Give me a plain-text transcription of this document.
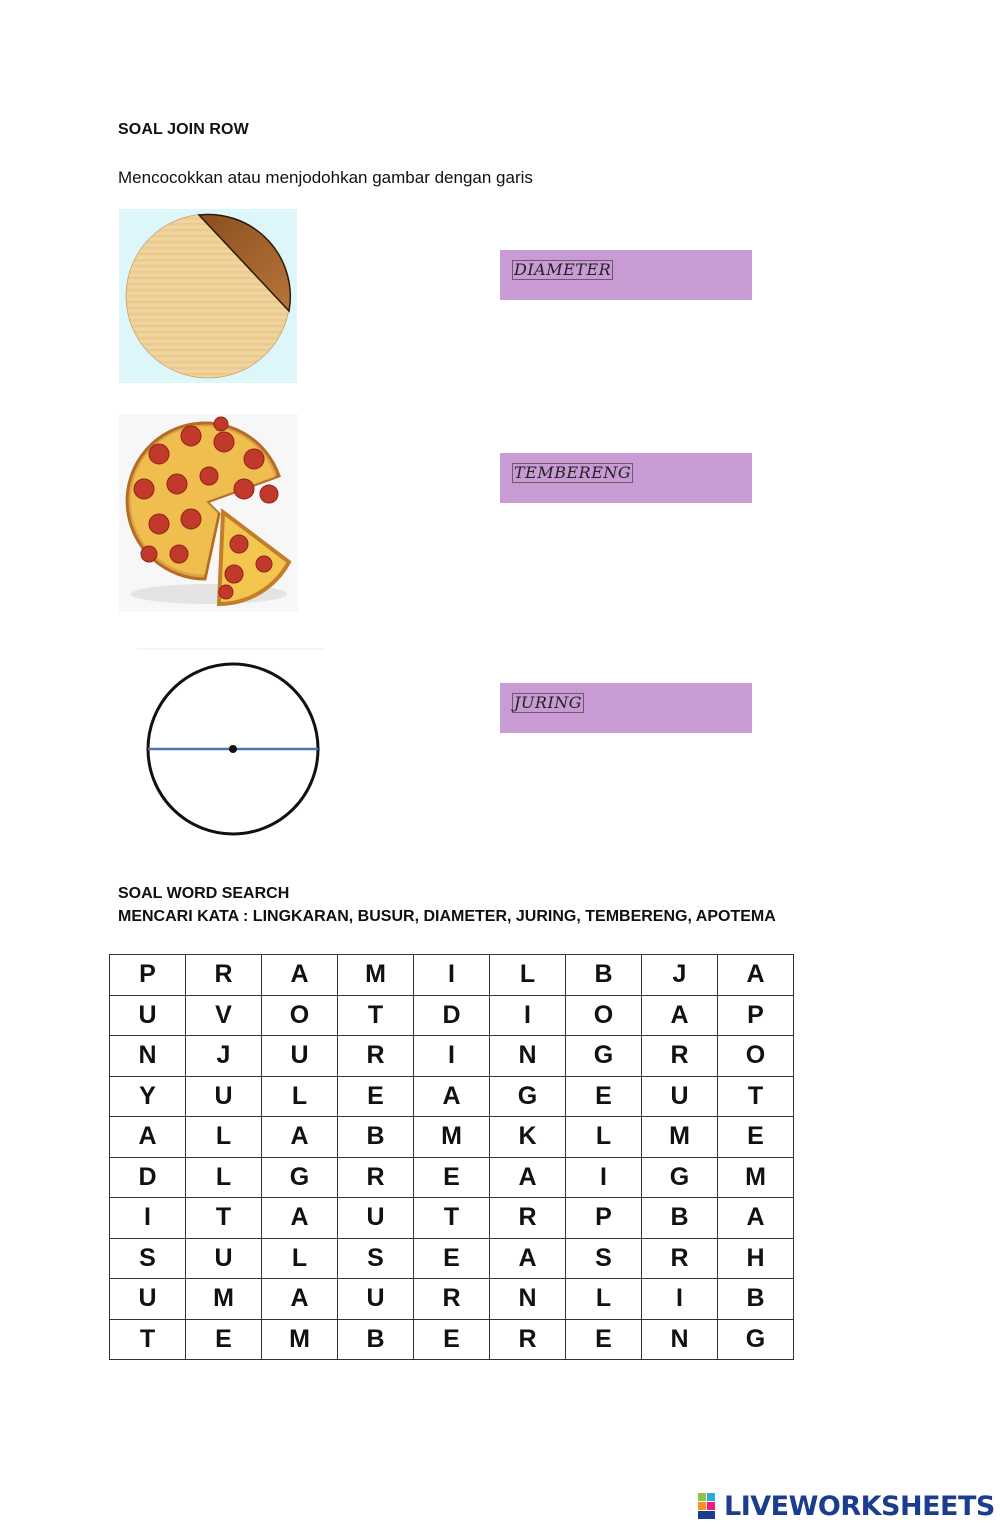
SOAL JOIN ROW
Mencocokkan atau menjodohkan gambar dengan garis
DIAMETER
TEMBERENG
JURING
SOAL WORD SEARCH
MENCARI KATA : LINGKARAN, BUSUR, DIAMETER, JURING, TEMBERENG, APOTEMA
P	R	A	M	I	L	B	J	A
U	V	O	T	D	I	O	A	P
N	J	U	R	I	N	G	R	O
Y	U	L	E	A	G	E	U	T
A	L	A	B	M	K	L	M	E
D	L	G	R	E	A	I	G	M
I	T	A	U	T	R	P	B	A
S	U	L	S	E	A	S	R	H
U	M	A	U	R	N	L	I	B
T	E	M	B	E	R	E	N	G
LIVEWORKSHEETS
